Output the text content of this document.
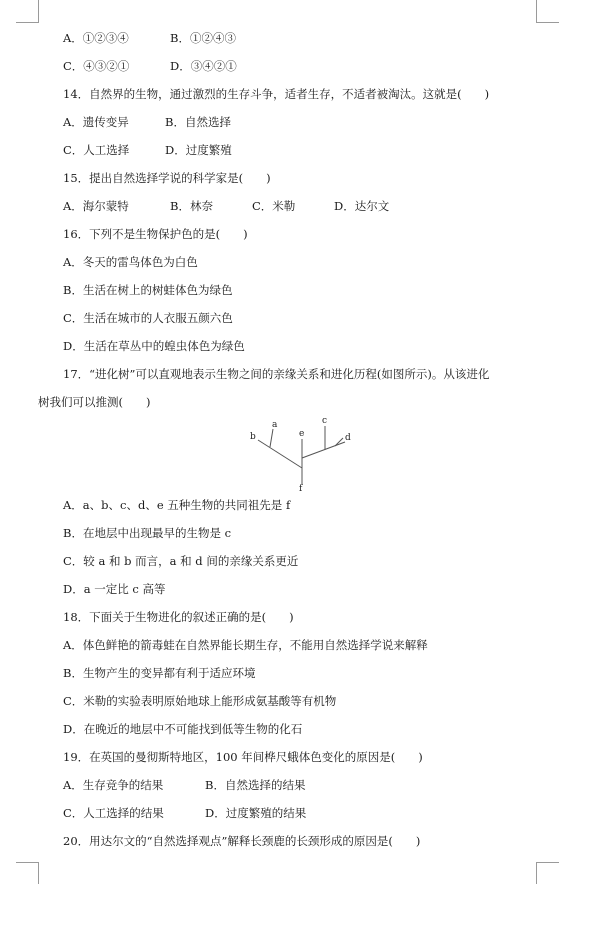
A．①②③④	B．①②④③
C．④③②①	D．③④②①
14．自然界的生物，通过激烈的生存斗争，适者生存，不适者被淘汰。这就是(　　)
A．遗传变异	B．自然选择
C．人工选择	D．过度繁殖
15．提出自然选择学说的科学家是(　　)
A．海尔蒙特	B．林奈	C．米勒	D．达尔文
16．下列不是生物保护色的是(　　)
A．冬天的雷鸟体色为白色
B．生活在树上的树蛙体色为绿色
C．生活在城市的人衣服五颜六色
D．生活在草丛中的蝗虫体色为绿色
17．“进化树”可以直观地表示生物之间的亲缘关系和进化历程(如图所示)。从该进化
树我们可以推测(　　)
b
a
e
c
d
f
A．a、b、c、d、e 五种生物的共同祖先是 f
B．在地层中出现最早的生物是 c
C．较 a 和 b 而言，a 和 d 间的亲缘关系更近
D．a 一定比 c 高等
18．下面关于生物进化的叙述正确的是(　　)
A．体色鲜艳的箭毒蛙在自然界能长期生存，不能用自然选择学说来解释
B．生物产生的变异都有利于适应环境
C．米勒的实验表明原始地球上能形成氨基酸等有机物
D．在晚近的地层中不可能找到低等生物的化石
19．在英国的曼彻斯特地区，100 年间桦尺蛾体色变化的原因是(　　)
A．生存竞争的结果	B．自然选择的结果
C．人工选择的结果	D．过度繁殖的结果
20．用达尔文的“自然选择观点”解释长颈鹿的长颈形成的原因是(　　)
